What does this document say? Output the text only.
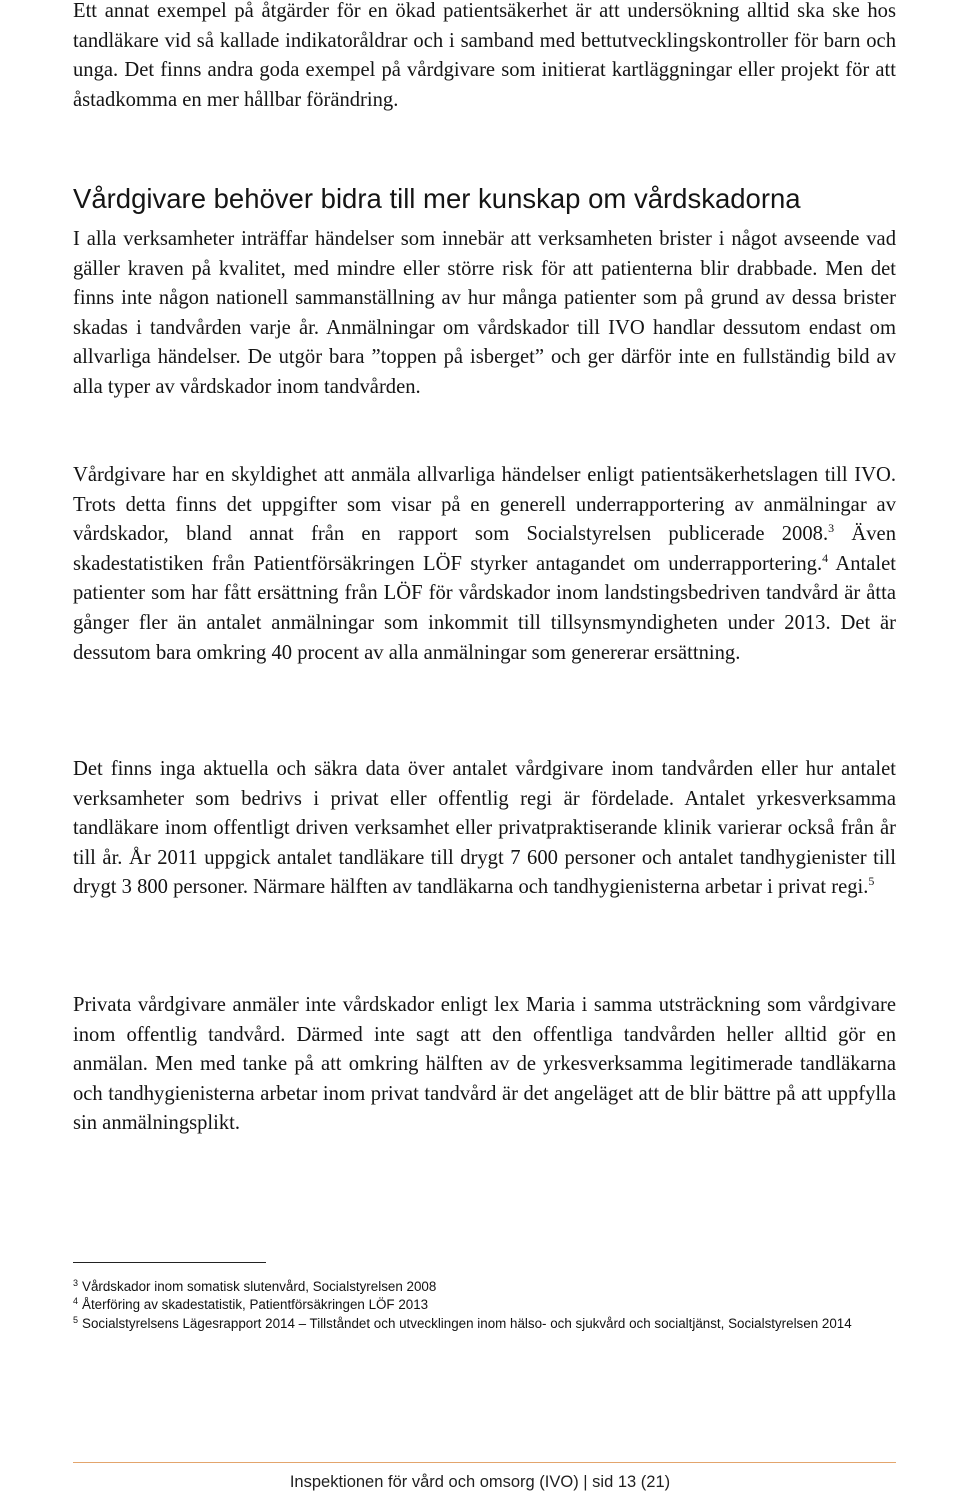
Ett annat exempel på åtgärder för en ökad patientsäkerhet är att undersökning alltid ska ske hos tandläkare vid så kallade indikatoråldrar och i samband med bettutvecklingskontroller för barn och unga. Det finns andra goda exempel på vårdgivare som initierat kartläggningar eller projekt för att åstadkomma en mer hållbar förändring.

Vårdgivare behöver bidra till mer kunskap om vårdskadorna

I alla verksamheter inträffar händelser som innebär att verksamheten brister i något avseende vad gäller kraven på kvalitet, med mindre eller större risk för att patienterna blir drabbade. Men det finns inte någon nationell sammanställning av hur många patienter som på grund av dessa brister skadas i tandvården varje år. Anmälningar om vårdskador till IVO handlar dessutom endast om allvarliga händelser. De utgör bara ”toppen på isberget” och ger därför inte en fullständig bild av alla typer av vårdskador inom tandvården.

Vårdgivare har en skyldighet att anmäla allvarliga händelser enligt patientsäkerhetslagen till IVO. Trots detta finns det uppgifter som visar på en generell underrapportering av anmälningar av vårdskador, bland annat från en rapport som Socialstyrelsen publicerade 2008.$^3$ Även skadestatistiken från Patientförsäkringen LÖF styrker antagandet om underrapportering.$^4$ Antalet patienter som har fått ersättning från LÖF för vårdskador inom landstingsbedriven tandvård är åtta gånger fler än antalet anmälningar som inkommit till tillsynsmyndigheten under 2013. Det är dessutom bara omkring 40 procent av alla anmälningar som genererar ersättning.

Det finns inga aktuella och säkra data över antalet vårdgivare inom tandvården eller hur antalet verksamheter som bedrivs i privat eller offentlig regi är fördelade. Antalet yrkesverksamma tandläkare inom offentligt driven verksamhet eller privatpraktiserande klinik varierar också från år till år. År 2011 uppgick antalet tandläkare till drygt 7 600 personer och antalet tandhygienister till drygt 3 800 personer. Närmare hälften av tandläkarna och tandhygienisterna arbetar i privat regi.$^5$

Privata vårdgivare anmäler inte vårdskador enligt lex Maria i samma utsträckning som vårdgivare inom offentlig tandvård. Därmed inte sagt att den offentliga tandvården heller alltid gör en anmälan. Men med tanke på att omkring hälften av de yrkesverksamma legitimerade tandläkarna och tandhygienisterna arbetar inom privat tandvård är det angeläget att de blir bättre på att uppfylla sin anmälningsplikt.

$^3$ Vårdskador inom somatisk slutenvård, Socialstyrelsen 2008

$^4$ Återföring av skadestatistik, Patientförsäkringen LÖF 2013

$^5$ Socialstyrelsens Lägesrapport 2014 – Tillståndet och utvecklingen inom hälso- och sjukvård och socialtjänst, Socialstyrelsen 2014

Inspektionen för vård och omsorg (IVO) | sid 13 (21)
